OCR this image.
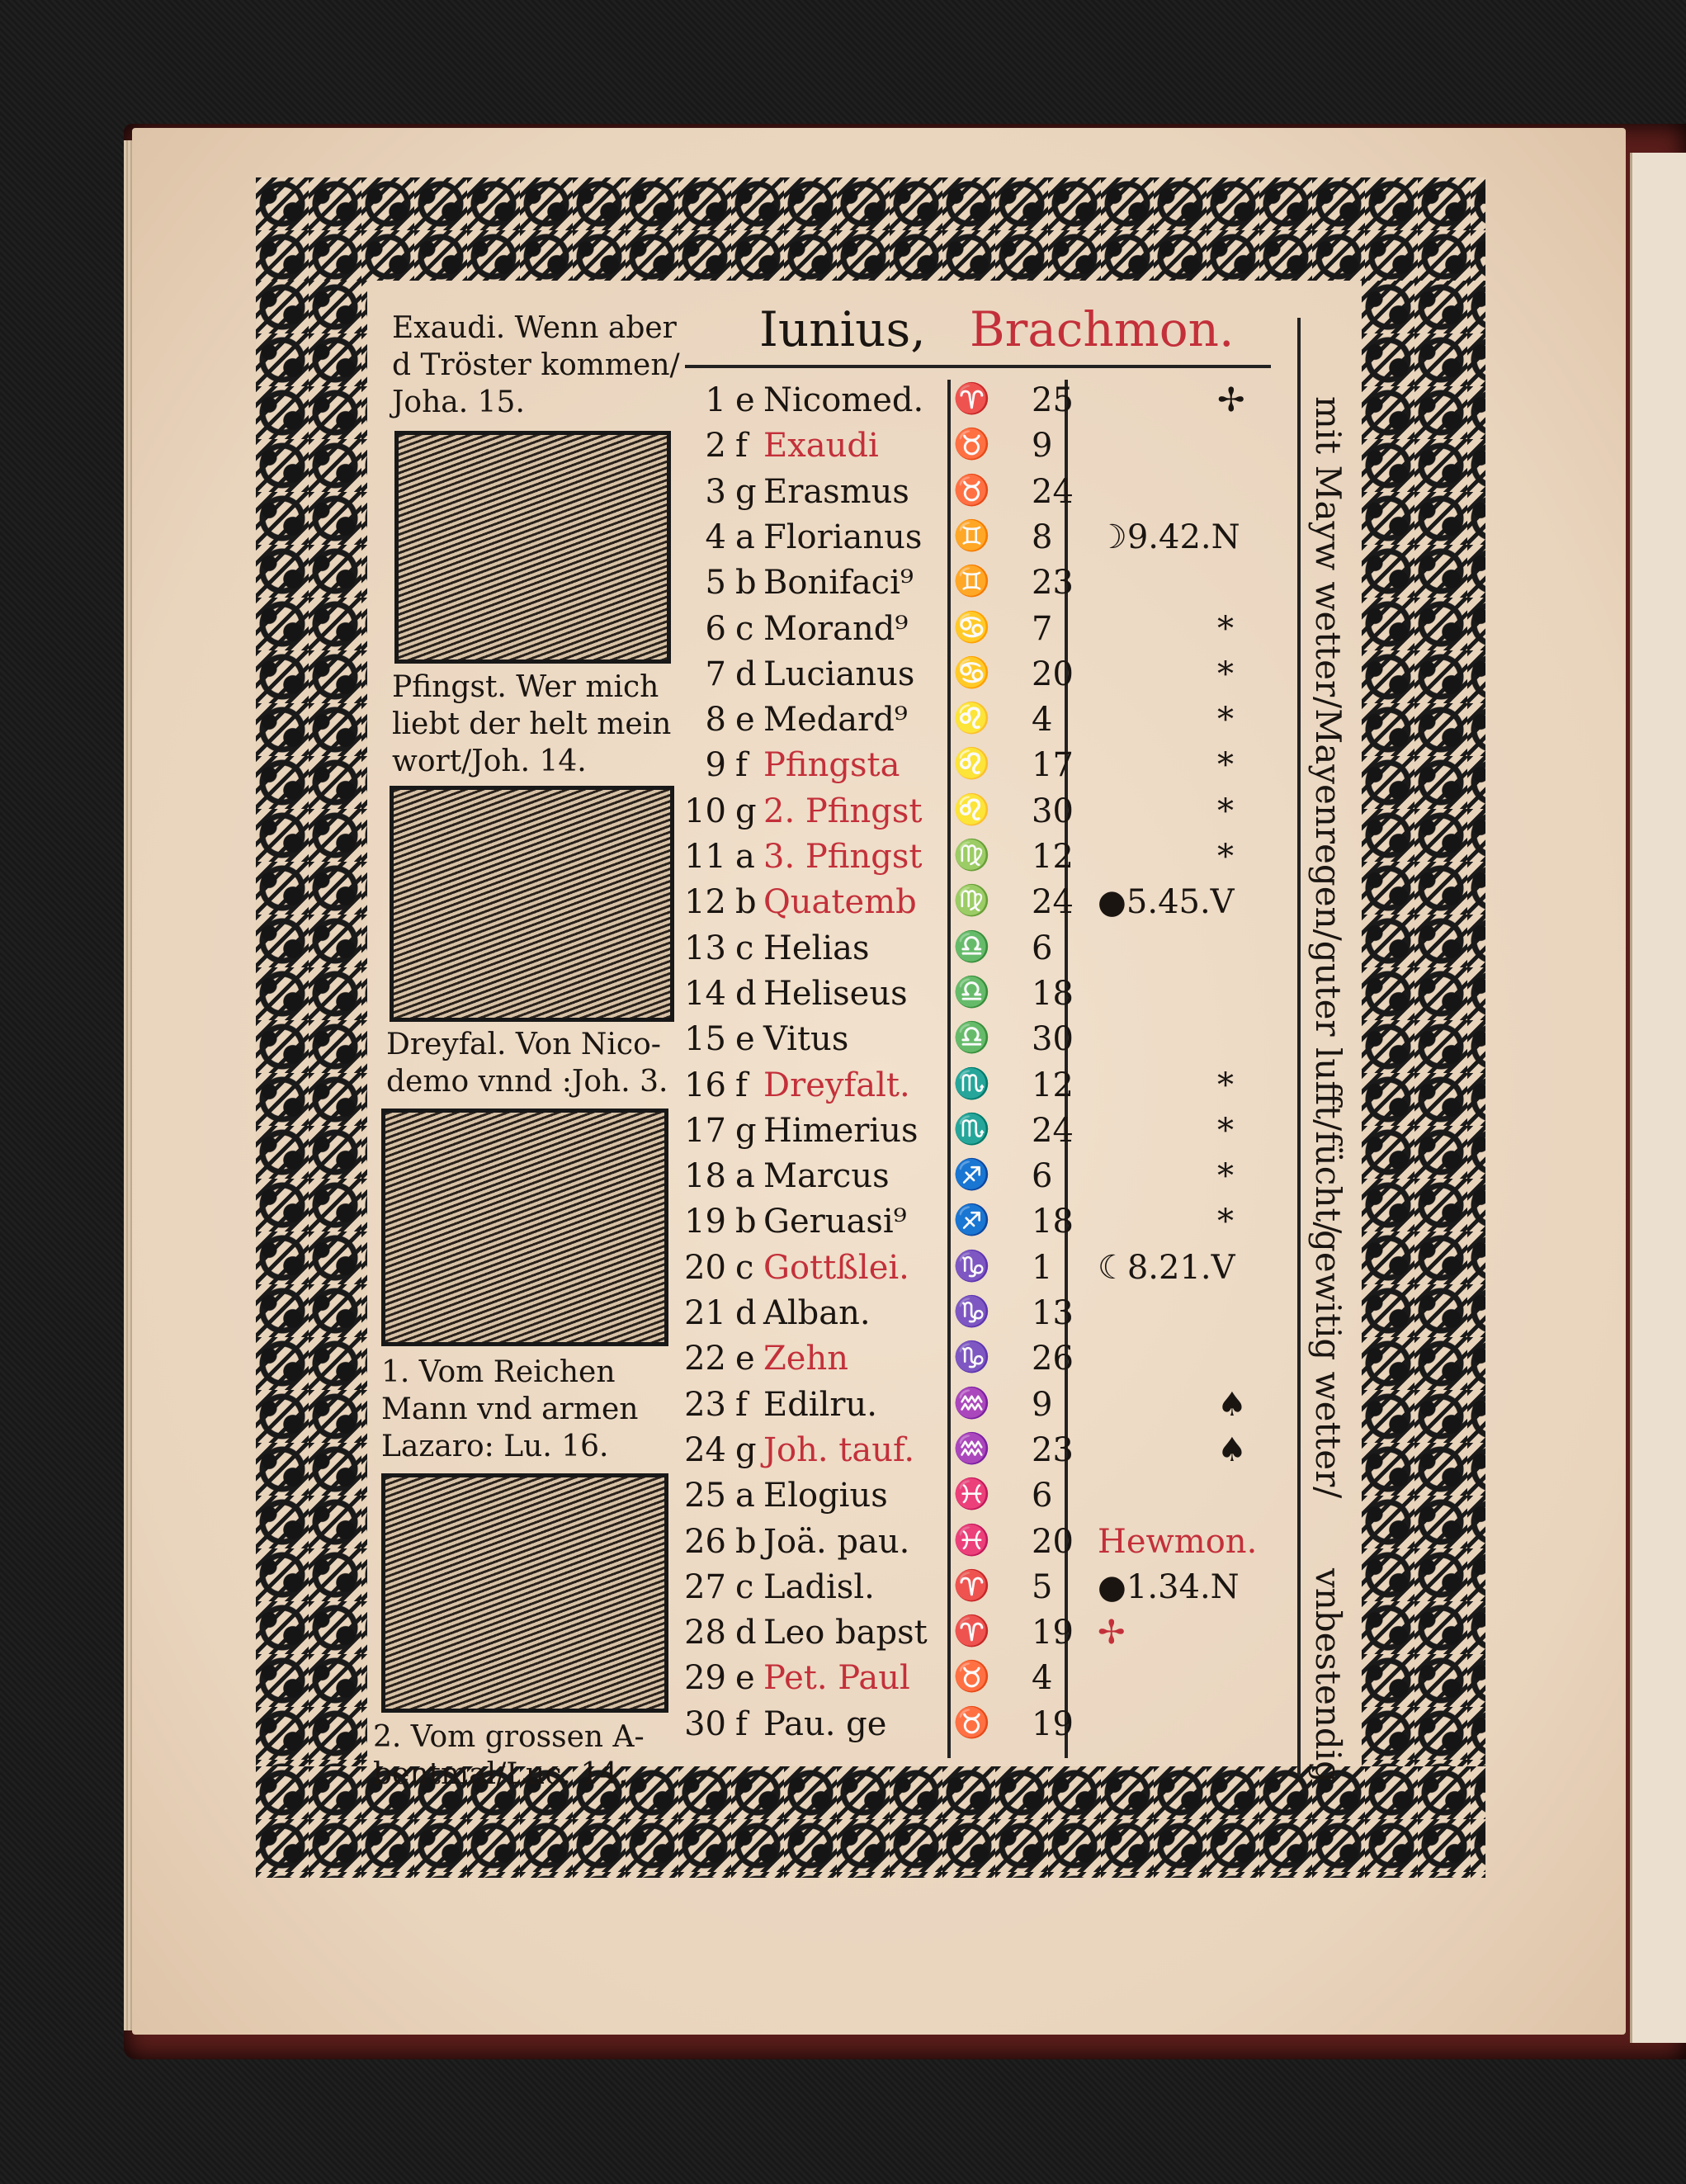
Iunius, Brachmon.
Exaudi. Wenn aber
d Tröster kommen/
Joha. 15.
Pfingst. Wer mich
liebt der helt mein
wort/Joh. 14.
Dreyfal. Von Nico-
demo vnnd :Joh. 3.
1. Vom Reichen
Mann vnd armen
Lazaro: Lu. 16.
2. Vom grossen A-
bentmal/Luc. 14.
1 e Nicomed. ♈ 25	✢
2 f Exaudi	♉ 9
3 g Erasmus ♉ 24
4 a Florianus ♊ 8 ☽9.42.N
5 b Bonifaci⁹ ♊ 23
6 c Morand⁹ ♋ 7	*
7 d Lucianus ♋ 20	*
8 e Medard⁹ ♌ 4	*
9 f Pfingsta ♌ 17	*
10 g 2. Pfingst ♌ 30	*
11 a 3. Pfingst ♍ 12	*
12 b Quatemb ♍ 24 ●5.45.V
13 c Helias	♎ 6
14 d Heliseus ♎ 18
15 e Vitus	♎ 30
16 f Dreyfalt. ♏ 12	*
17 g Himerius ♏ 24	*
18 a Marcus ♐ 6	*
19 b Geruasi⁹ ♐ 18	*
20 c Gottßlei. ♑ 1 ☾8.21.V
21 d Alban.	♑ 13
22 e Zehn	♑ 26
23 f Edilru.	♒ 9	♠
24 g Joh. tauf. ♒ 23	♠
25 a Elogius ♓ 6
26 b Joä. pau. ♓ 20 Hewmon.
27 c Ladisl.	♈ 5 ●1.34.N
28 d Leo bapst ♈ 19 ✢
29 e Pet. Paul ♉ 4
30 f Pau. ge ♉ 19
mit Mayw wetter/Mayenregen/guter lufft/fücht/
gewitig wetter/
vnbestendig
